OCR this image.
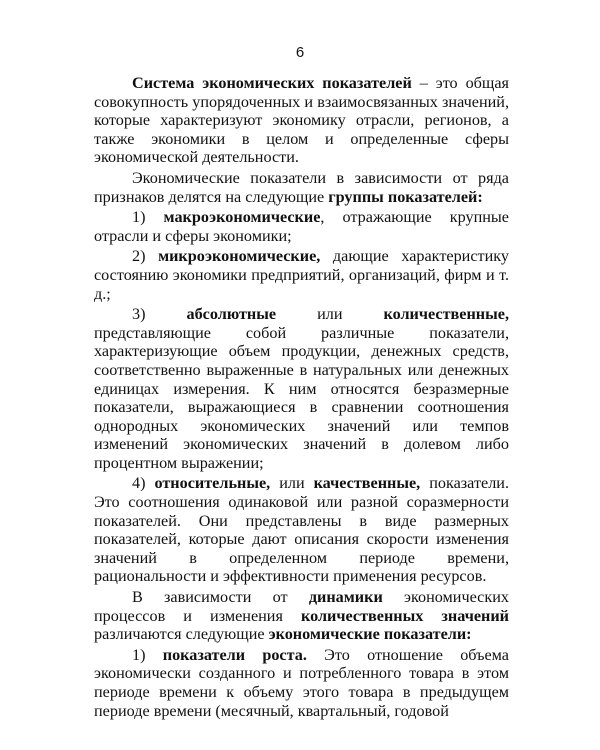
6

Система экономических показателей – это общая совокупность упорядоченных и взаимосвязанных значений, которые характеризуют экономику отрасли, регионов, а также экономики в целом и определенные сферы экономической деятельности.

Экономические показатели в зависимости от ряда признаков делятся на следующие группы показателей:

1) макроэкономические, отражающие крупные отрасли и сферы экономики;

2) микроэкономические, дающие характеристику состоянию экономики предприятий, организаций, фирм и т. д.;

3) абсолютные или количественные, представляющие собой различные показатели, характеризующие объем продукции, денежных средств, соответственно выраженные в натуральных или денежных единицах измерения. К ним относятся безразмерные показатели, выражающиеся в сравнении соотношения однородных экономических значений или темпов изменений экономических значений в долевом либо процентном выражении;

4) относительные, или качественные, показатели. Это соотношения одинаковой или разной соразмерности показателей. Они представлены в виде размерных показателей, которые дают описания скорости изменения значений в определенном периоде времени, рациональности и эффективности применения ресурсов.

В зависимости от динамики экономических процессов и изменения количественных значений различаются следующие экономические показатели:

1) показатели роста. Это отношение объема экономически созданного и потребленного товара в этом периоде времени к объему этого товара в предыдущем периоде времени (месячный, квартальный, годовой
